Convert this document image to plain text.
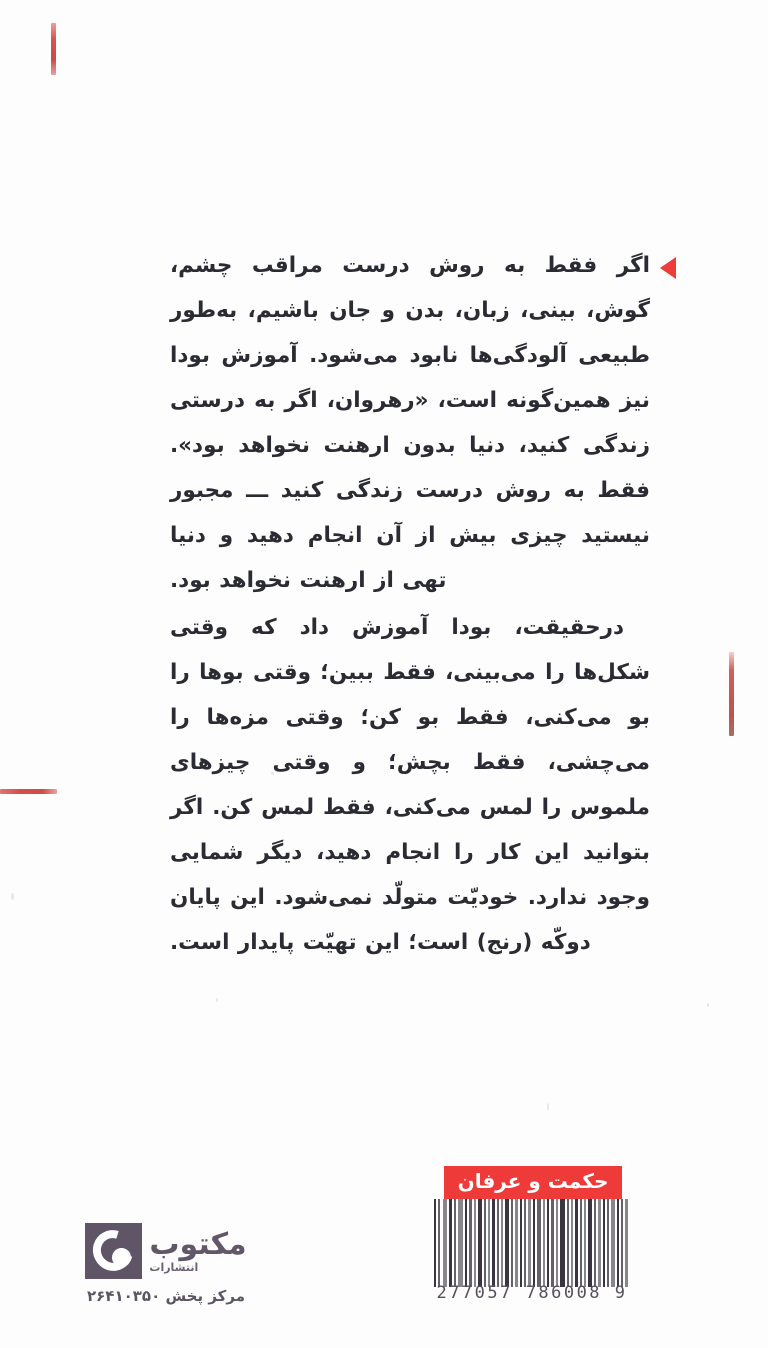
اگر فقط به روش درست مراقب چشم، گوش، بینی، زبان، بدن و جان باشیم، به‌طور طبیعی آلودگی‌ها نابود می‌شود. آموزش بودا نیز همین‌گونه است، «رهروان، اگر به درستی زندگی کنید، دنیا بدون ارهنت نخواهد بود». فقط به روش درست زندگی کنید ـــ مجبور نیستید چیزی بیش از آن انجام دهید و دنیا تهی از ارهنت نخواهد بود.

درحقیقت، بودا آموزش داد که وقتی شکل‌ها را می‌بینی، فقط ببین؛ وقتی بوها را بو می‌کنی، فقط بو کن؛ وقتی مزه‌ها را می‌چشی، فقط بچش؛ و وقتی چیزهای ملموس را لمس می‌کنی، فقط لمس کن. اگر بتوانید این کار را انجام دهید، دیگر شمایی وجود ندارد. خودیّت متولّد نمی‌شود. این پایان دوکّه (رنج) است؛ این تهیّت پایدار است.

حکمت و عرفان
9 786008 277057
مکتوب
انتشارات
مرکز پخش ۲۶۴۱۰۳۵۰
